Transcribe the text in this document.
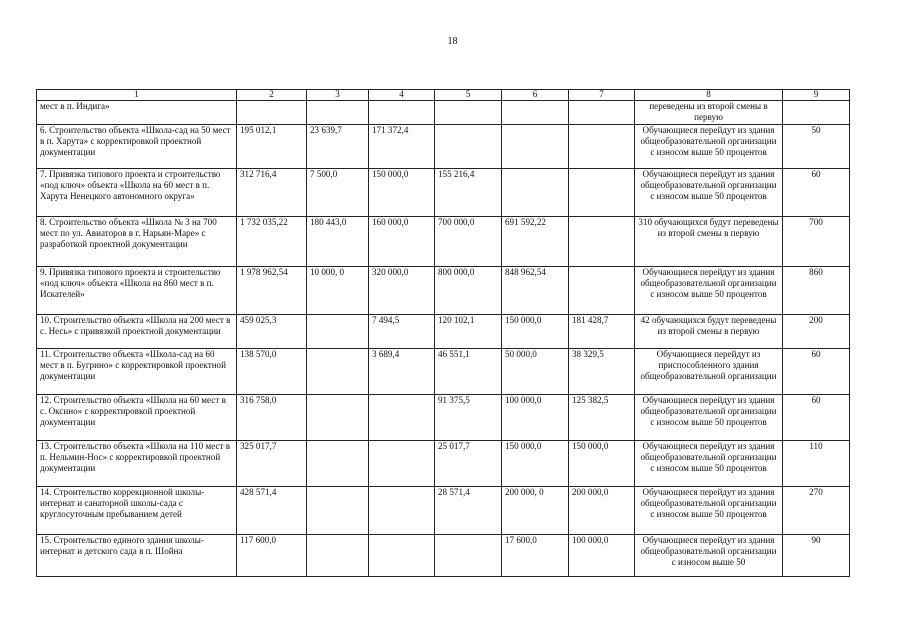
18
1	2	3	4	5	6	7	8	9
мест в п. Индига»							переведены из второй смены в первую	
6. Строительство объекта «Школа-сад на 50 мест в п. Харута» с корректировкой проектной документации	195 012,1	23 639,7	171 372,4				Обучающиеся перейдут из здания общеобразовательной организации с износом выше 50 процентов	50
7. Привязка типового проекта и строительство «под ключ» объекта «Школа на 60 мест в п. Харута Ненецкого автономного округа»	312 716,4	7 500,0	150 000,0	155 216,4			Обучающиеся перейдут из здания общеобразовательной организации с износом выше 50 процентов	60
8. Строительство объекта «Школа № 3 на 700 мест по ул. Авиаторов в г. Нарьян-Маре» с разработкой проектной документации	1 732 035,22	180 443,0	160 000,0	700 000,0	691 592,22		310 обучающихся будут переведены из второй смены в первую	700
9. Привязка типового проекта и строительство «под ключ» объекта «Школа на 860 мест в п. Искателей»	1 978 962,54	10 000, 0	320 000,0	800 000,0	848 962,54		Обучающиеся перейдут из здания общеобразовательной организации с износом выше 50 процентов	860
10. Строительство объекта «Школа на 200 мест в с. Несь» с привязкой проектной документации	459 025,3		7 494,5	120 102,1	150 000,0	181 428,7	42 обучающихся будут переведены из второй смены в первую	200
11. Строительство объекта «Школа-сад на 60 мест в п. Бугрино» с корректировкой проектной документации	138 570,0		3 689,4	46 551,1	50 000,0	38 329,5	Обучающиеся перейдут из приспособленного здания общеобразовательной организации	60
12. Строительство объекта «Школа на 60 мест в с. Оксино» с корректировкой проектной документации	316 758,0			91 375,5	100 000,0	125 382,5	Обучающиеся перейдут из здания общеобразовательной организации с износом выше 50 процентов	60
13. Строительство объекта «Школа на 110 мест в п. Нельмин-Нос» с корректировкой проектной документации	325 017,7			25 017,7	150 000,0	150 000,0	Обучающиеся перейдут из здания общеобразовательной организации с износом выше 50 процентов	110
14. Строительство коррекционной школы-интернат и санаторной школы-сада с круглосуточным пребыванием детей	428 571,4			28 571,4	200 000, 0	200 000,0	Обучающиеся перейдут из здания общеобразовательной организации с износом выше 50 процентов	270
15. Строительство единого здания школы-интернат и детского сада в п. Шойна	117 600,0				17 600,0	100 000,0	Обучающиеся перейдут из здания общеобразовательной организации с износом выше 50	90
